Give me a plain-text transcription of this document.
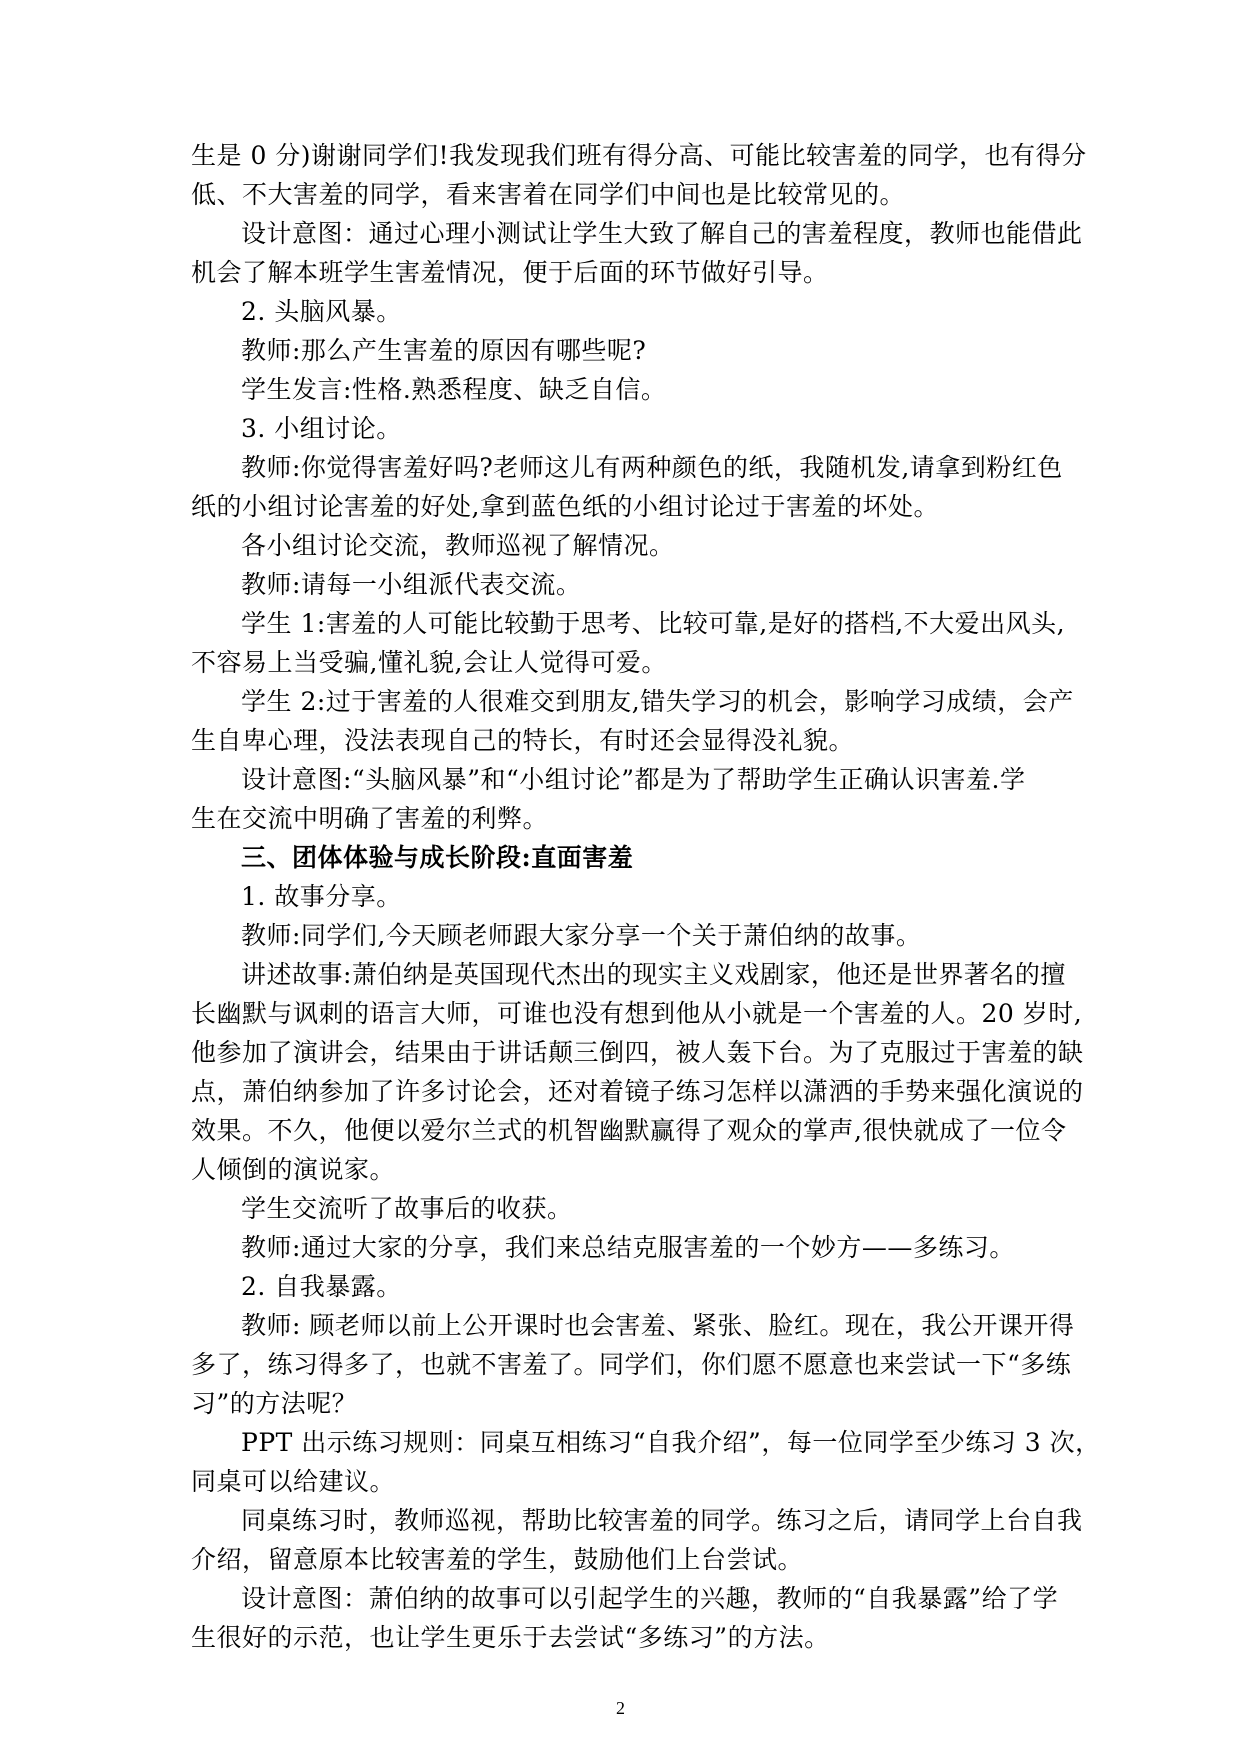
生是 0 分)谢谢同学们!我发现我们班有得分高、可能比较害羞的同学，也有得分
低、不大害羞的同学，看来害着在同学们中间也是比较常见的。
设计意图：通过心理小测试让学生大致了解自己的害羞程度，教师也能借此
机会了解本班学生害羞情况，便于后面的环节做好引导。
2. 头脑风暴。
教师:那么产生害羞的原因有哪些呢?
学生发言:性格.熟悉程度、缺乏自信。
3. 小组讨论。
教师:你觉得害羞好吗?老师这儿有两种颜色的纸，我随机发,请拿到粉红色
纸的小组讨论害羞的好处,拿到蓝色纸的小组讨论过于害羞的坏处。
各小组讨论交流，教师巡视了解情况。
教师:请每一小组派代表交流。
学生 1:害羞的人可能比较勤于思考、比较可靠,是好的搭档,不大爱出风头,
不容易上当受骗,懂礼貌,会让人觉得可爱。
学生 2:过于害羞的人很难交到朋友,错失学习的机会，影响学习成绩，会产
生自卑心理，没法表现自己的特长，有时还会显得没礼貌。
设计意图:“头脑风暴”和“小组讨论”都是为了帮助学生正确认识害羞.学
生在交流中明确了害羞的利弊。
三、团体体验与成长阶段:直面害羞
1. 故事分享。
教师:同学们,今天顾老师跟大家分享一个关于萧伯纳的故事。
讲述故事:萧伯纳是英国现代杰出的现实主义戏剧家，他还是世界著名的擅
长幽默与讽刺的语言大师，可谁也没有想到他从小就是一个害羞的人。20 岁时,
他参加了演讲会，结果由于讲话颠三倒四，被人轰下台。为了克服过于害羞的缺
点，萧伯纳参加了许多讨论会，还对着镜子练习怎样以潇洒的手势来强化演说的
效果。不久，他便以爱尔兰式的机智幽默赢得了观众的掌声,很快就成了一位令
人倾倒的演说家。
学生交流听了故事后的收获。
教师:通过大家的分享，我们来总结克服害羞的一个妙方——多练习。
2. 自我暴露。
教师: 顾老师以前上公开课时也会害羞、紧张、脸红。现在，我公开课开得
多了，练习得多了，也就不害羞了。同学们，你们愿不愿意也来尝试一下“多练
习”的方法呢？
PPT 出示练习规则：同桌互相练习“自我介绍”，每一位同学至少练习 3 次，
同桌可以给建议。
同桌练习时，教师巡视，帮助比较害羞的同学。练习之后，请同学上台自我
介绍，留意原本比较害羞的学生，鼓励他们上台尝试。
设计意图：萧伯纳的故事可以引起学生的兴趣，教师的“自我暴露”给了学
生很好的示范，也让学生更乐于去尝试“多练习”的方法。
2
